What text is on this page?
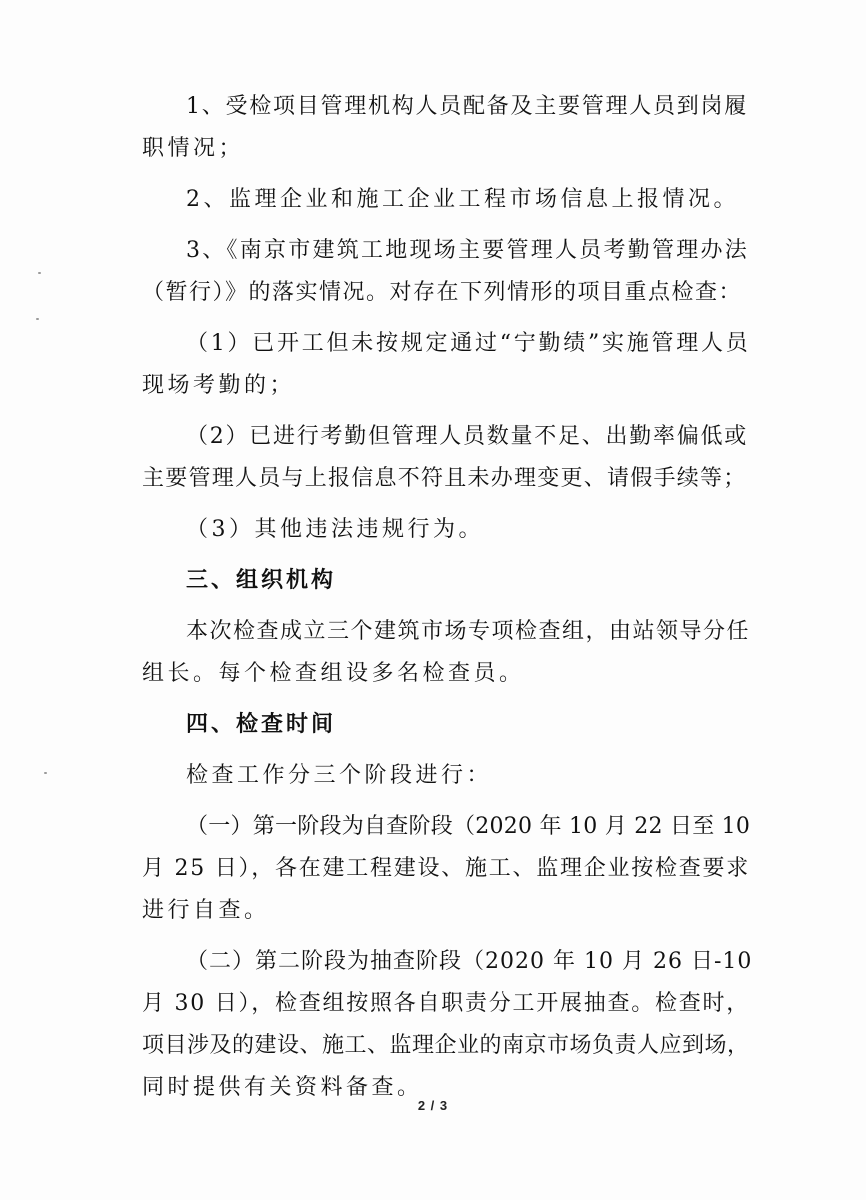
1、受检项目管理机构人员配备及主要管理人员到岗履
职情况；
2、监理企业和施工企业工程市场信息上报情况。
3、《南京市建筑工地现场主要管理人员考勤管理办法
（暂行）》的落实情况。对存在下列情形的项目重点检查：
（1）已开工但未按规定通过“宁勤绩”实施管理人员
现场考勤的；
（2）已进行考勤但管理人员数量不足、出勤率偏低或
主要管理人员与上报信息不符且未办理变更、请假手续等；
（3）其他违法违规行为。
三、组织机构
本次检查成立三个建筑市场专项检查组，由站领导分任
组长。每个检查组设多名检查员。
四、检查时间
检查工作分三个阶段进行：
（一）第一阶段为自查阶段（2020 年 10 月 22 日至 10
月 25 日），各在建工程建设、施工、监理企业按检查要求
进行自查。
（二）第二阶段为抽查阶段（2020 年 10 月 26 日-10
月 30 日），检查组按照各自职责分工开展抽查。检查时，
项目涉及的建设、施工、监理企业的南京市场负责人应到场，
同时提供有关资料备查。
2 / 3
